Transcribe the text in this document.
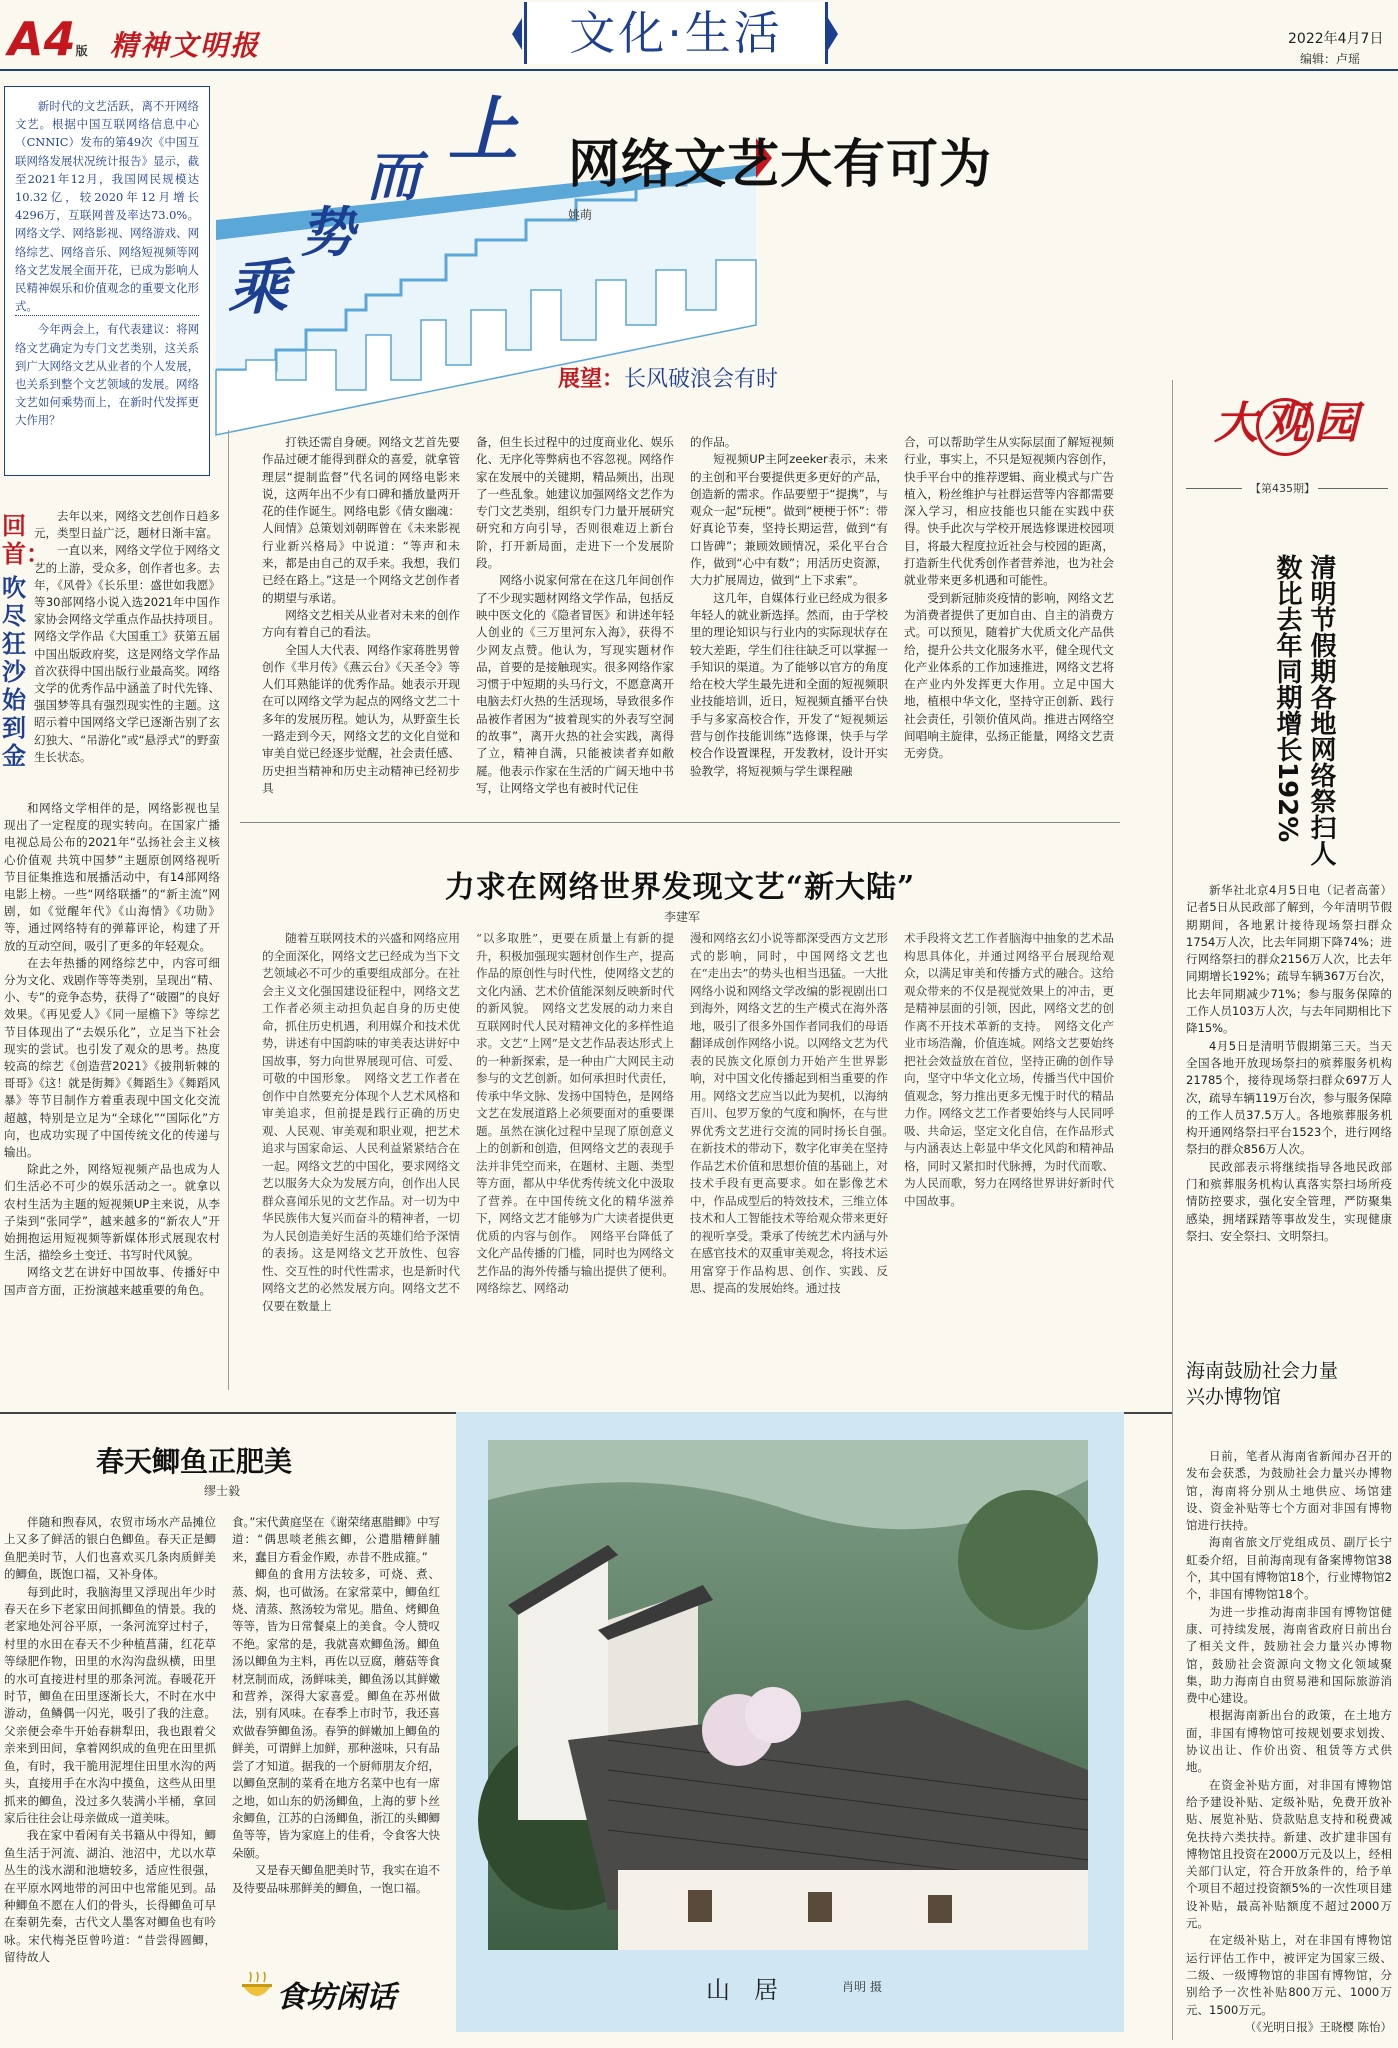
A4版 精神文明报	文化·生活	2022年4月7日
编辑：卢瑶

新时代的文艺活跃，离不开网络文艺。根据中国互联网络信息中心（CNNIC）发布的第49次《中国互联网络发展状况统计报告》显示，截至2021年12月，我国网民规模达10.32亿，较2020年12月增长4296万，互联网普及率达73.0%。网络文学、网络影视、网络游戏、网络综艺、网络音乐、网络短视频等网络文艺发展全面开花，已成为影响人民精神娱乐和价值观念的重要文化形式。

今年两会上，有代表建议：将网络文艺确定为专门文艺类别，这关系到广大网络文艺从业者的个人发展，也关系到整个文艺领域的发展。网络文艺如何乘势而上，在新时代发挥更大作用？

乘
势
而
上 网络文艺大有可为
姚萌
展望：长风破浪会有时
回首：
吹尽狂沙始到金

去年以来，网络文艺创作日趋多元，类型日益广泛，题材日渐丰富。

一直以来，网络文学位于网络文艺的上游，受众多，创作者也多。去年，《风骨》《长乐里：盛世如我愿》等30部网络小说入选2021年中国作家协会网络文学重点作品扶持项目。网络文学作品《大国重工》获第五届中国出版政府奖，这是网络文学作品首次获得中国出版行业最高奖。网络文学的优秀作品中涵盖了时代先锋、强国梦等具有强烈现实性的主题。这昭示着中国网络文学已逐渐告别了玄幻独大、“吊游化”或“悬浮式”的野蛮生长状态。

和网络文学相伴的是，网络影视也呈现出了一定程度的现实转向。在国家广播电视总局公布的2021年“弘扬社会主义核心价值观 共筑中国梦”主题原创网络视听节目征集推选和展播活动中，有14部网络电影上榜。一些“网络联播”的“新主流”网剧，如《觉醒年代》《山海情》《功勋》等，通过网络特有的弹幕评论，构建了开放的互动空间，吸引了更多的年轻观众。

在去年热播的网络综艺中，内容可细分为文化、戏剧作等等类别，呈现出“精、小、专”的竞争态势，获得了“破圈”的良好效果。《再见爱人》《同一屋檐下》等综艺节目体现出了“去娱乐化”，立足当下社会现实的尝试。也引发了观众的思考。热度较高的综艺《创造营2021》《披荆斩棘的哥哥》《这！就是街舞》《舞蹈生》《舞蹈风暴》等节目制作方着重表现中国文化交流超越，特别是立足为“全球化”“国际化”方向，也成功实现了中国传统文化的传递与输出。

除此之外，网络短视频产品也成为人们生活必不可少的娱乐活动之一。就拿以农村生活为主题的短视频UP主来说，从李子柒到“张同学”，越来越多的“新农人”开始拥抱运用短视频等新媒体形式展现农村生活，描绘乡土变迁、书写时代风貌。

网络文艺在讲好中国故事、传播好中国声音方面，正扮演越来越重要的角色。

打铁还需自身硬。网络文艺首先要作品过硬才能得到群众的喜爱，就拿管理层“提制监督”代名词的网络电影来说，这两年出不少有口碑和播放量两开花的佳作诞生。网络电影《倩女幽魂：人间情》总策划刘朝晖曾在《未来影视行业新兴格局》中说道：“等声和未来，都是由自己的双手来。我想，我们已经在路上。”这是一个网络文艺创作者的期望与承诺。

网络文艺相关从业者对未来的创作方向有着自己的看法。

全国人大代表、网络作家蒋胜男曾创作《芈月传》《燕云台》《天圣令》等人们耳熟能详的优秀作品。她表示开现在可以网络文学为起点的网络文艺二十多年的发展历程。她认为，从野蛮生长一路走到今天，网络文艺的文化自觉和审美自觉已经逐步觉醒，社会责任感、历史担当精神和历史主动精神已经初步具

备，但生长过程中的过度商业化、娱乐化、无序化等弊病也不容忽视。网络作家在发展中的关键期，精品频出，出现了一些乱象。她建议加强网络文艺作为专门文艺类别，组织专门力量开展研究研究和方向引导，否则很难迈上新台阶，打开新局面，走进下一个发展阶段。

网络小说家何常在在这几年间创作了不少现实题材网络文学作品，包括反映中医文化的《隐者冒医》和讲述年轻人创业的《三万里河东入海》，获得不少网友点赞。他认为，写现实题材作品，首要的是接触现实。很多网络作家习惯于中短期的头马行文，不愿意离开电脑去灯火热的生活现场，导致很多作品被作者困为“披着现实的外表写空洞的故事”，离开火热的社会实践，离得了立，精神自满，只能被读者弃如敝屣。他表示作家在生活的广阔天地中书写，让网络文学也有被时代记住

的作品。

短视频UP主阿zeeker表示，未来的主创和平台要提供更多更好的产品，创造新的需求。作品要塑于“提携”，与观众一起“玩梗”。做到“梗梗于怀”：带好真论节奏，坚持长期运营，做到“有口皆碑”；兼顾效顾情况，采化平台合作，做到“心中有数”；用活历史资源，大力扩展周边，做到“上下求索”。

这几年，自媒体行业已经成为很多年轻人的就业新选择。然而，由于学校里的理论知识与行业内的实际现状存在较大差距，学生们往往缺乏可以掌握一手知识的渠道。为了能够以官方的角度给在校大学生最先进和全面的短视频职业技能培训，近日，短视频直播平台快手与多家高校合作，开发了“短视频运营与创作技能训练”选修课，快手与学校合作设置课程，开发教材，设计开实验教学，将短视频与学生课程融

合，可以帮助学生从实际层面了解短视频行业，事实上，不只是短视频内容创作，快手平台中的推荐逻辑、商业模式与广告植入，粉丝维护与社群运营等内容都需要深入学习，相应技能也只能在实践中获得。快手此次与学校开展选修课进校园项目，将最大程度拉近社会与校园的距离，打造新生代优秀创作者营养池，也为社会就业带来更多机遇和可能性。

受到新冠肺炎疫情的影响，网络文艺为消费者提供了更加自由、自主的消费方式。可以预见，随着扩大优质文化产品供给，提升公共文化服务水平，健全现代文化产业体系的工作加速推进，网络文艺将在产业内外发挥更大作用。立足中国大地，植根中华文化，坚持守正创新、践行社会责任，引领价值风尚。推进古网络空间唱响主旋律，弘扬正能量，网络文艺责无旁贷。

力求在网络世界发现文艺“新大陆”
李建军
随着互联网技术的兴盛和网络应用的全面深化，网络文艺已经成为当下文艺领域必不可少的重要组成部分。在社会主义文化强国建设征程中，网络文艺工作者必须主动担负起自身的历史使命，抓住历史机遇，利用媒介和技术优势，讲述有中国韵味的审美表达讲好中国故事，努力向世界展现可信、可爱、可敬的中国形象。　网络文艺工作者在创作中自然要充分体现个人艺术风格和审美追求，但前提是践行正确的历史观、人民观、审美观和职业观，把艺术追求与国家命运、人民利益紧紧结合在一起。网络文艺的中国化，要求网络文艺以服务大众为发展方向，创作出人民群众喜闻乐见的文艺作品。对一切为中华民族伟大复兴而奋斗的精神者，一切为人民创造美好生活的英雄们给予深情的表扬。这是网络文艺开放性、包容性、交互性的时代性需求，也是新时代网络文艺的必然发展方向。网络文艺不仅要在数量上
“以多取胜”，更要在质量上有新的提升，积极加强现实题材创作生产，提高作品的原创性与时代性，使网络文艺的文化内涵、艺术价值能深刻反映新时代的新风貌。　网络文艺发展的动力来自互联网时代人民对精神文化的多样性追求。文艺“上网”是文艺作品表达形式上的一种新探索，是一种由广大网民主动参与的文艺创新。如何承担时代责任，传承中华文脉、发扬中国特色，是网络文艺在发展道路上必须要面对的重要课题。虽然在演化过程中呈现了原创意义上的创新和创造，但网络文艺的表现手法并非凭空而来，在题材、主题、类型等方面，都从中华优秀传统文化中汲取了营养。在中国传统文化的精华滋养下，网络文艺才能够为广大读者提供更优质的内容与创作。　网络平台降低了文化产品传播的门槛，同时也为网络文艺作品的海外传播与输出提供了便利。网络综艺、网络动
漫和网络玄幻小说等都深受西方文艺形式的影响，同时，中国网络文艺也在“走出去”的势头也相当迅猛。一大批网络小说和网络文学改编的影视剧出口到海外，网络文艺的生产模式在海外落地，吸引了很多外国作者同我们的母语翻译成创作网络小说。以网络文艺为代表的民族文化原创力开始产生世界影响，对中国文化传播起到相当重要的作用。网络文艺应当以此为契机，以海纳百川、包罗万象的气度和胸怀，在与世界优秀文艺进行交流的同时扬长自强。　在新技术的带动下，数字化审美在坚持作品艺术价值和思想价值的基础上，对技术手段有更高要求。如在影像艺术中，作品成型后的特效技术，三维立体技术和人工智能技术等给观众带来更好的视听享受。秉承了传统艺术内涵与外在感官技术的双重审美观念，将技术运用富穿于作品构思、创作、实践、反思、提高的发展始终。通过技
术手段将文艺工作者脑海中抽象的艺术品构思具体化，并通过网络平台展现给观众，以满足审美和传播方式的融合。这给观众带来的不仅是视觉效果上的冲击，更是精神层面的引领，因此，网络文艺的创作离不开技术革新的支持。　网络文化产业市场浩瀚，价值连城。网络文艺要始终把社会效益放在首位，坚持正确的创作导向，坚守中华文化立场，传播当代中国价值观念，努力推出更多无愧于时代的精品力作。网络文艺工作者要始终与人民同呼吸、共命运，坚定文化自信，在作品形式与内涵表达上彰显中华文化风韵和精神品格，同时又紧扣时代脉搏，为时代而歌、为人民而歌，努力在网络世界讲好新时代中国故事。
大观园
【第435期】
清明节假期各地网络祭扫人数比去年同期增长192%

新华社北京4月5日电（记者高蕾）记者5日从民政部了解到，今年清明节假期期间，各地累计接待现场祭扫群众1754万人次，比去年同期下降74%；进行网络祭扫的群众2156万人次，比去年同期增长192%；疏导车辆367万台次，比去年同期减少71%；参与服务保障的工作人员103万人次，与去年同期相比下降15%。

4月5日是清明节假期第三天。当天全国各地开放现场祭扫的殡葬服务机构21785个，接待现场祭扫群众697万人次，疏导车辆119万台次，参与服务保障的工作人员37.5万人。各地殡葬服务机构开通网络祭扫平台1523个，进行网络祭扫的群众856万人次。

民政部表示将继续指导各地民政部门和殡葬服务机构认真落实祭扫场所疫情防控要求，强化安全管理，严防聚集感染，拥堵踩踏等事故发生，实现健康祭扫、安全祭扫、文明祭扫。

海南鼓励社会力量兴办博物馆

日前，笔者从海南省新闻办召开的发布会获悉，为鼓励社会力量兴办博物馆，海南将分别从土地供应、场馆建设、资金补贴等七个方面对非国有博物馆进行扶持。

海南省旅文厅党组成员、副厅长宁虹委介绍，目前海南现有备案博物馆38个，其中国有博物馆18个，行业博物馆2个，非国有博物馆18个。

为进一步推动海南非国有博物馆健康、可持续发展，海南省政府日前出台了相关文件，鼓励社会力量兴办博物馆，鼓励社会资源向文物文化领域聚集，助力海南自由贸易港和国际旅游消费中心建设。

根据海南新出台的政策，在土地方面，非国有博物馆可按规划要求划拨、协议出让、作价出资、租赁等方式供地。

在资金补贴方面，对非国有博物馆给予建设补贴、定级补贴，免费开放补贴、展览补贴、贷款贴息支持和税费减免扶持六类扶持。新建、改扩建非国有博物馆且投资在2000万元及以上，经相关部门认定，符合开放条件的，给予单个项目不超过投资额5%的一次性项目建设补贴，最高补贴额度不超过2000万元。

在定级补贴上，对在非国有博物馆运行评估工作中，被评定为国家三级、二级、一级博物馆的非国有博物馆，分别给予一次性补贴800万元、1000万元、1500万元。

（《光明日报》王晓樱 陈怡）

春天鲫鱼正肥美
缪士毅

伴随和煦春风，农贸市场水产品摊位上又多了鲜活的银白色鲫鱼。春天正是鲫鱼肥美时节，人们也喜欢买几条肉质鲜美的鲫鱼，既饱口福，又补身体。

每到此时，我脑海里又浮现出年少时春天在乡下老家田间抓鲫鱼的情景。我的老家地处河谷平原，一条河流穿过村子，村里的水田在春天不少种植菖蒲，红花草等绿肥作物，田里的水沟沟盘纵横，田里的水可直接进村里的那条河流。春暖花开时节，鲫鱼在田里逐渐长大，不时在水中游动，鱼鳞偶一闪光，吸引了我的注意。父亲便会牵牛开始春耕犁田，我也跟着父亲来到田间，拿着网织成的鱼兜在田里抓鱼，有时，我干脆用泥埋住田里水沟的两头，直接用手在水沟中摸鱼，这些从田里抓来的鲫鱼，没过多久装满小半桶，拿回家后往往会让母亲做成一道美味。

我在家中看闲有关书籍从中得知，鲫鱼生活于河流、湖泊、池沼中，尤以水草丛生的浅水湖和池塘较多，适应性很强，在平原水网地带的河田中也常能见到。品种鲫鱼不愿在人们的骨头，长得鲫鱼可早在秦朝先秦，古代文人墨客对鲫鱼也有吟咏。宋代梅尧臣曾吟道：“昔尝得圆鲫，留待故人

食。”宋代黄庭坚在《谢荣绪惠腊鲫》中写道：“偶思啖老熊玄鲫，公遣腊糟鲜脯来，蠢目方看金作殿，赤昔不胜成箍。”

鲫鱼的食用方法较多，可烧、煮、蒸、焖，也可做汤。在家常菜中，鲫鱼红烧、清蒸、熬汤较为常见。腊鱼、烤鲫鱼等等，皆为日常餐桌上的美食。令人赞叹不绝。家常的是，我就喜欢鲫鱼汤。鲫鱼汤以鲫鱼为主料，再佐以豆腐，蘑菇等食材烹制而成，汤鲜味美，鲫鱼汤以其鲜嫩和营养，深得大家喜爱。鲫鱼在苏州做法，别有风味。在春季上市时节，我还喜欢做春笋鲫鱼汤。春笋的鲜嫩加上鲫鱼的鲜美，可谓鲜上加鲜，那种滋味，只有品尝了才知道。据我的一个厨师朋友介绍，以鲫鱼烹制的菜肴在地方名菜中也有一席之地，如山东的奶汤鲫鱼，上海的萝卜丝汆鲫鱼，江苏的白汤鲫鱼，浙江的头鲫鲫鱼等等，皆为家庭上的佳肴，令食客大快朵颐。

又是春天鲫鱼肥美时节，我实在追不及待要品味那鲜美的鲫鱼，一饱口福。

食坊闲话	山　居	肖明 摄
